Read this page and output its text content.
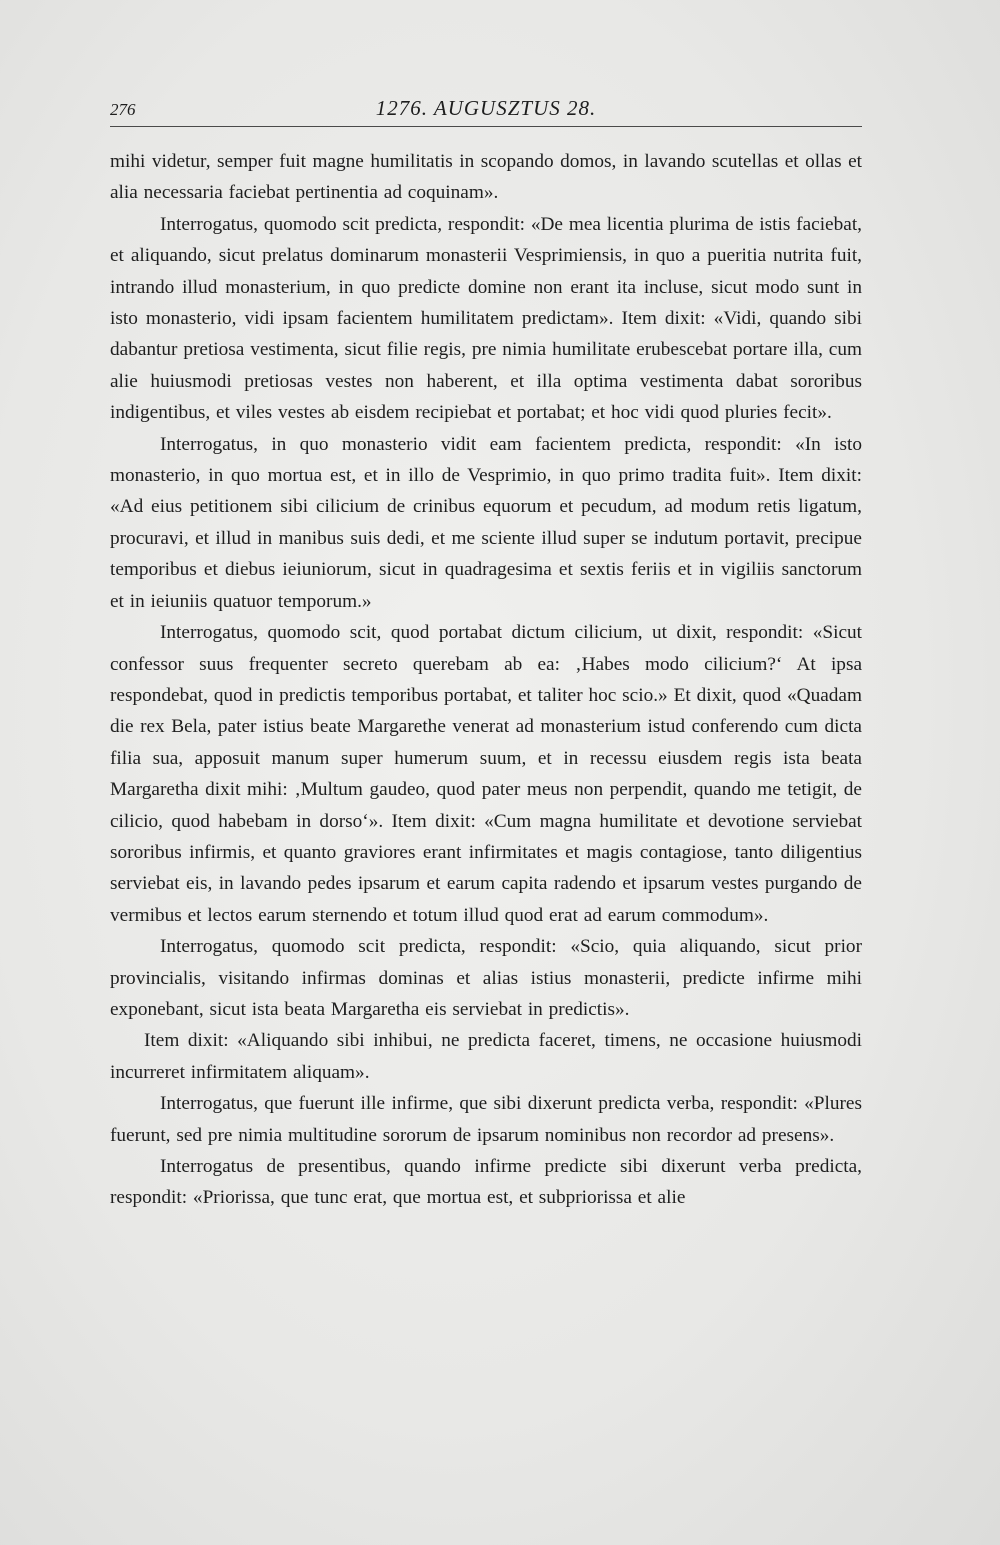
276	1276. AUGUSZTUS 28.

mihi videtur, semper fuit magne humilitatis in scopando domos, in lavando scutellas et ollas et alia necessaria faciebat pertinentia ad coquinam».

Interrogatus, quomodo scit predicta, respondit: «De mea licentia plurima de istis faciebat, et aliquando, sicut prelatus dominarum monasterii Vesprimiensis, in quo a pueritia nutrita fuit, intrando illud monasterium, in quo predicte domine non erant ita incluse, sicut modo sunt in isto monasterio, vidi ipsam facientem humilitatem predictam». Item dixit: «Vidi, quando sibi dabantur pretiosa vestimenta, sicut filie regis, pre nimia humilitate erubescebat portare illa, cum alie huiusmodi pretiosas vestes non haberent, et illa optima vestimenta dabat sororibus indigentibus, et viles vestes ab eisdem recipiebat et portabat; et hoc vidi quod pluries fecit».

Interrogatus, in quo monasterio vidit eam facientem predicta, respondit: «In isto monasterio, in quo mortua est, et in illo de Vesprimio, in quo primo tradita fuit». Item dixit: «Ad eius petitionem sibi cilicium de crinibus equorum et pecudum, ad modum retis ligatum, procuravi, et illud in manibus suis dedi, et me sciente illud super se indutum portavit, precipue temporibus et diebus ieiuniorum, sicut in quadragesima et sextis feriis et in vigiliis sanctorum et in ieiuniis quatuor temporum.»

Interrogatus, quomodo scit, quod portabat dictum cilicium, ut dixit, respondit: «Sicut confessor suus frequenter secreto querebam ab ea: ‚Habes modo cilicium?‘ At ipsa respondebat, quod in predictis temporibus portabat, et taliter hoc scio.» Et dixit, quod «Quadam die rex Bela, pater istius beate Margarethe venerat ad monasterium istud conferendo cum dicta filia sua, apposuit manum super humerum suum, et in recessu eiusdem regis ista beata Margaretha dixit mihi: ‚Multum gaudeo, quod pater meus non perpendit, quando me tetigit, de cilicio, quod habebam in dorso‘». Item dixit: «Cum magna humilitate et devotione serviebat sororibus infirmis, et quanto graviores erant infirmitates et magis contagiose, tanto diligentius serviebat eis, in lavando pedes ipsarum et earum capita radendo et ipsarum vestes purgando de vermibus et lectos earum sternendo et totum illud quod erat ad earum commodum».

Interrogatus, quomodo scit predicta, respondit: «Scio, quia aliquando, sicut prior provincialis, visitando infirmas dominas et alias istius monasterii, predicte infirme mihi exponebant, sicut ista beata Margaretha eis serviebat in predictis».

Item dixit: «Aliquando sibi inhibui, ne predicta faceret, timens, ne occasione huiusmodi incurreret infirmitatem aliquam».

Interrogatus, que fuerunt ille infirme, que sibi dixerunt predicta verba, respondit: «Plures fuerunt, sed pre nimia multitudine sororum de ipsarum nominibus non recordor ad presens».

Interrogatus de presentibus, quando infirme predicte sibi dixerunt verba predicta, respondit: «Priorissa, que tunc erat, que mortua est, et subpriorissa et alie
